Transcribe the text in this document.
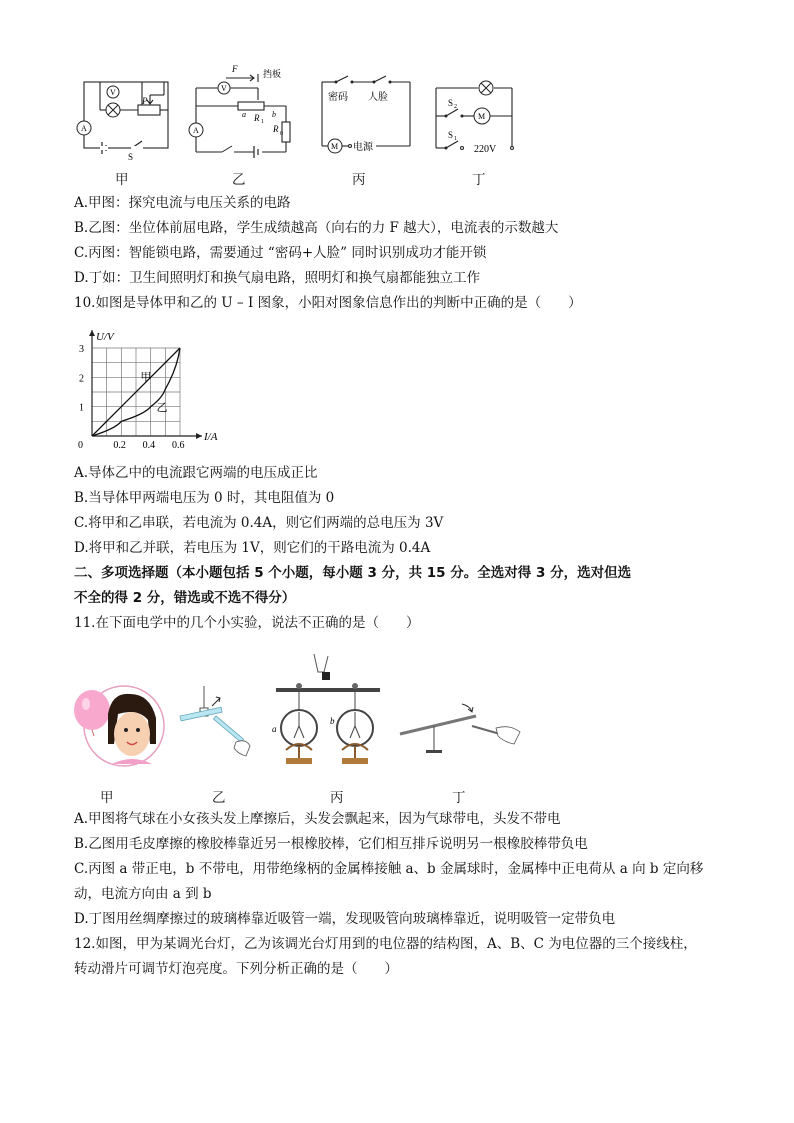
V
A
P
S
V
A
F	挡板
a	b
R 1
R 0
M
密码 人脸
电源
M
S 2
S 1
220V
甲	乙	丙	丁
A.甲图：探究电流与电压关系的电路
B.乙图：坐位体前屈电路，学生成绩越高（向右的力 F 越大），电流表的示数越大
C.丙图：智能锁电路，需要通过 “密码+人脸” 同时识别成功才能开锁
D.丁如：卫生间照明灯和换气扇电路，照明灯和换气扇都能独立工作
10.如图是导体甲和乙的 U – I 图象，小阳对图象信息作出的判断中正确的是（　　）
0.2 0.4 0.6
1
2
3
0
I/A
U/V
甲
乙
A.导体乙中的电流跟它两端的电压成正比
B.当导体甲两端电压为 0 时，其电阻值为 0
C.将甲和乙串联，若电流为 0.4A，则它们两端的总电压为 3V
D.将甲和乙并联，若电压为 1V，则它们的干路电流为 0.4A
二、多项选择题（本小题包括 5 个小题，每小题 3 分，共 15 分。全选对得 3 分，选对但选
不全的得 2 分，错选或不选不得分）
11.在下面电学中的几个小实验，说法不正确的是（　　）
a
b
甲	乙	丙	丁
A.甲图将气球在小女孩头发上摩擦后，头发会飘起来，因为气球带电，头发不带电
B.乙图用毛皮摩擦的橡胶棒靠近另一根橡胶棒，它们相互排斥说明另一根橡胶棒带负电
C.丙图 a 带正电，b 不带电，用带绝缘柄的金属棒接触 a、b 金属球时，金属棒中正电荷从 a 向 b 定向移
动，电流方向由 a 到 b
D.丁图用丝绸摩擦过的玻璃棒靠近吸管一端，发现吸管向玻璃棒靠近，说明吸管一定带负电
12.如图，甲为某调光台灯，乙为该调光台灯用到的电位器的结构图，A、B、C 为电位器的三个接线柱，
转动滑片可调节灯泡亮度。下列分析正确的是（　　）
